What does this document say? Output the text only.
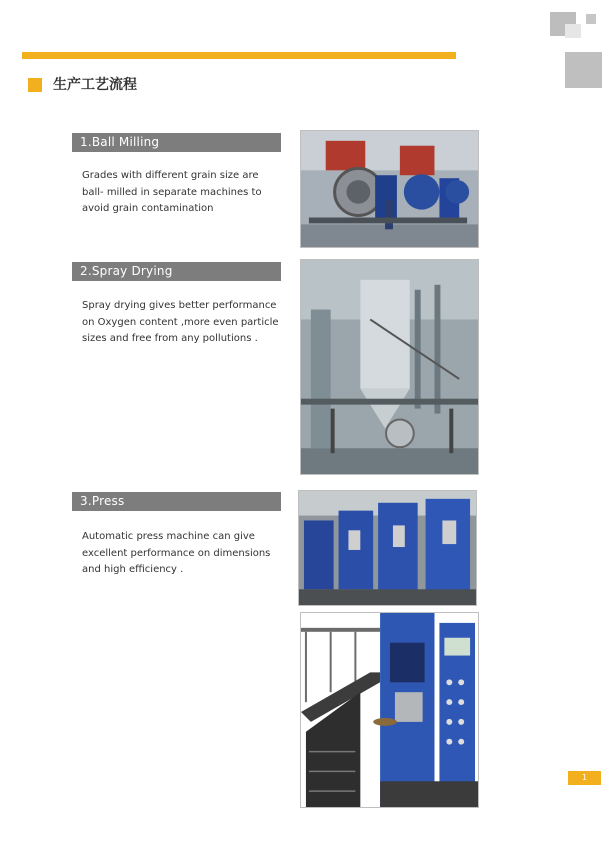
生产工艺流程
1.Ball Milling
Grades with different grain size are
ball- milled in separate machines to
avoid grain contamination
2.Spray Drying
Spray drying gives better performance
on Oxygen content ,more even particle
sizes and free from any pollutions .
3.Press
Automatic press machine can give
excellent performance on dimensions
and high efficiency .
1
